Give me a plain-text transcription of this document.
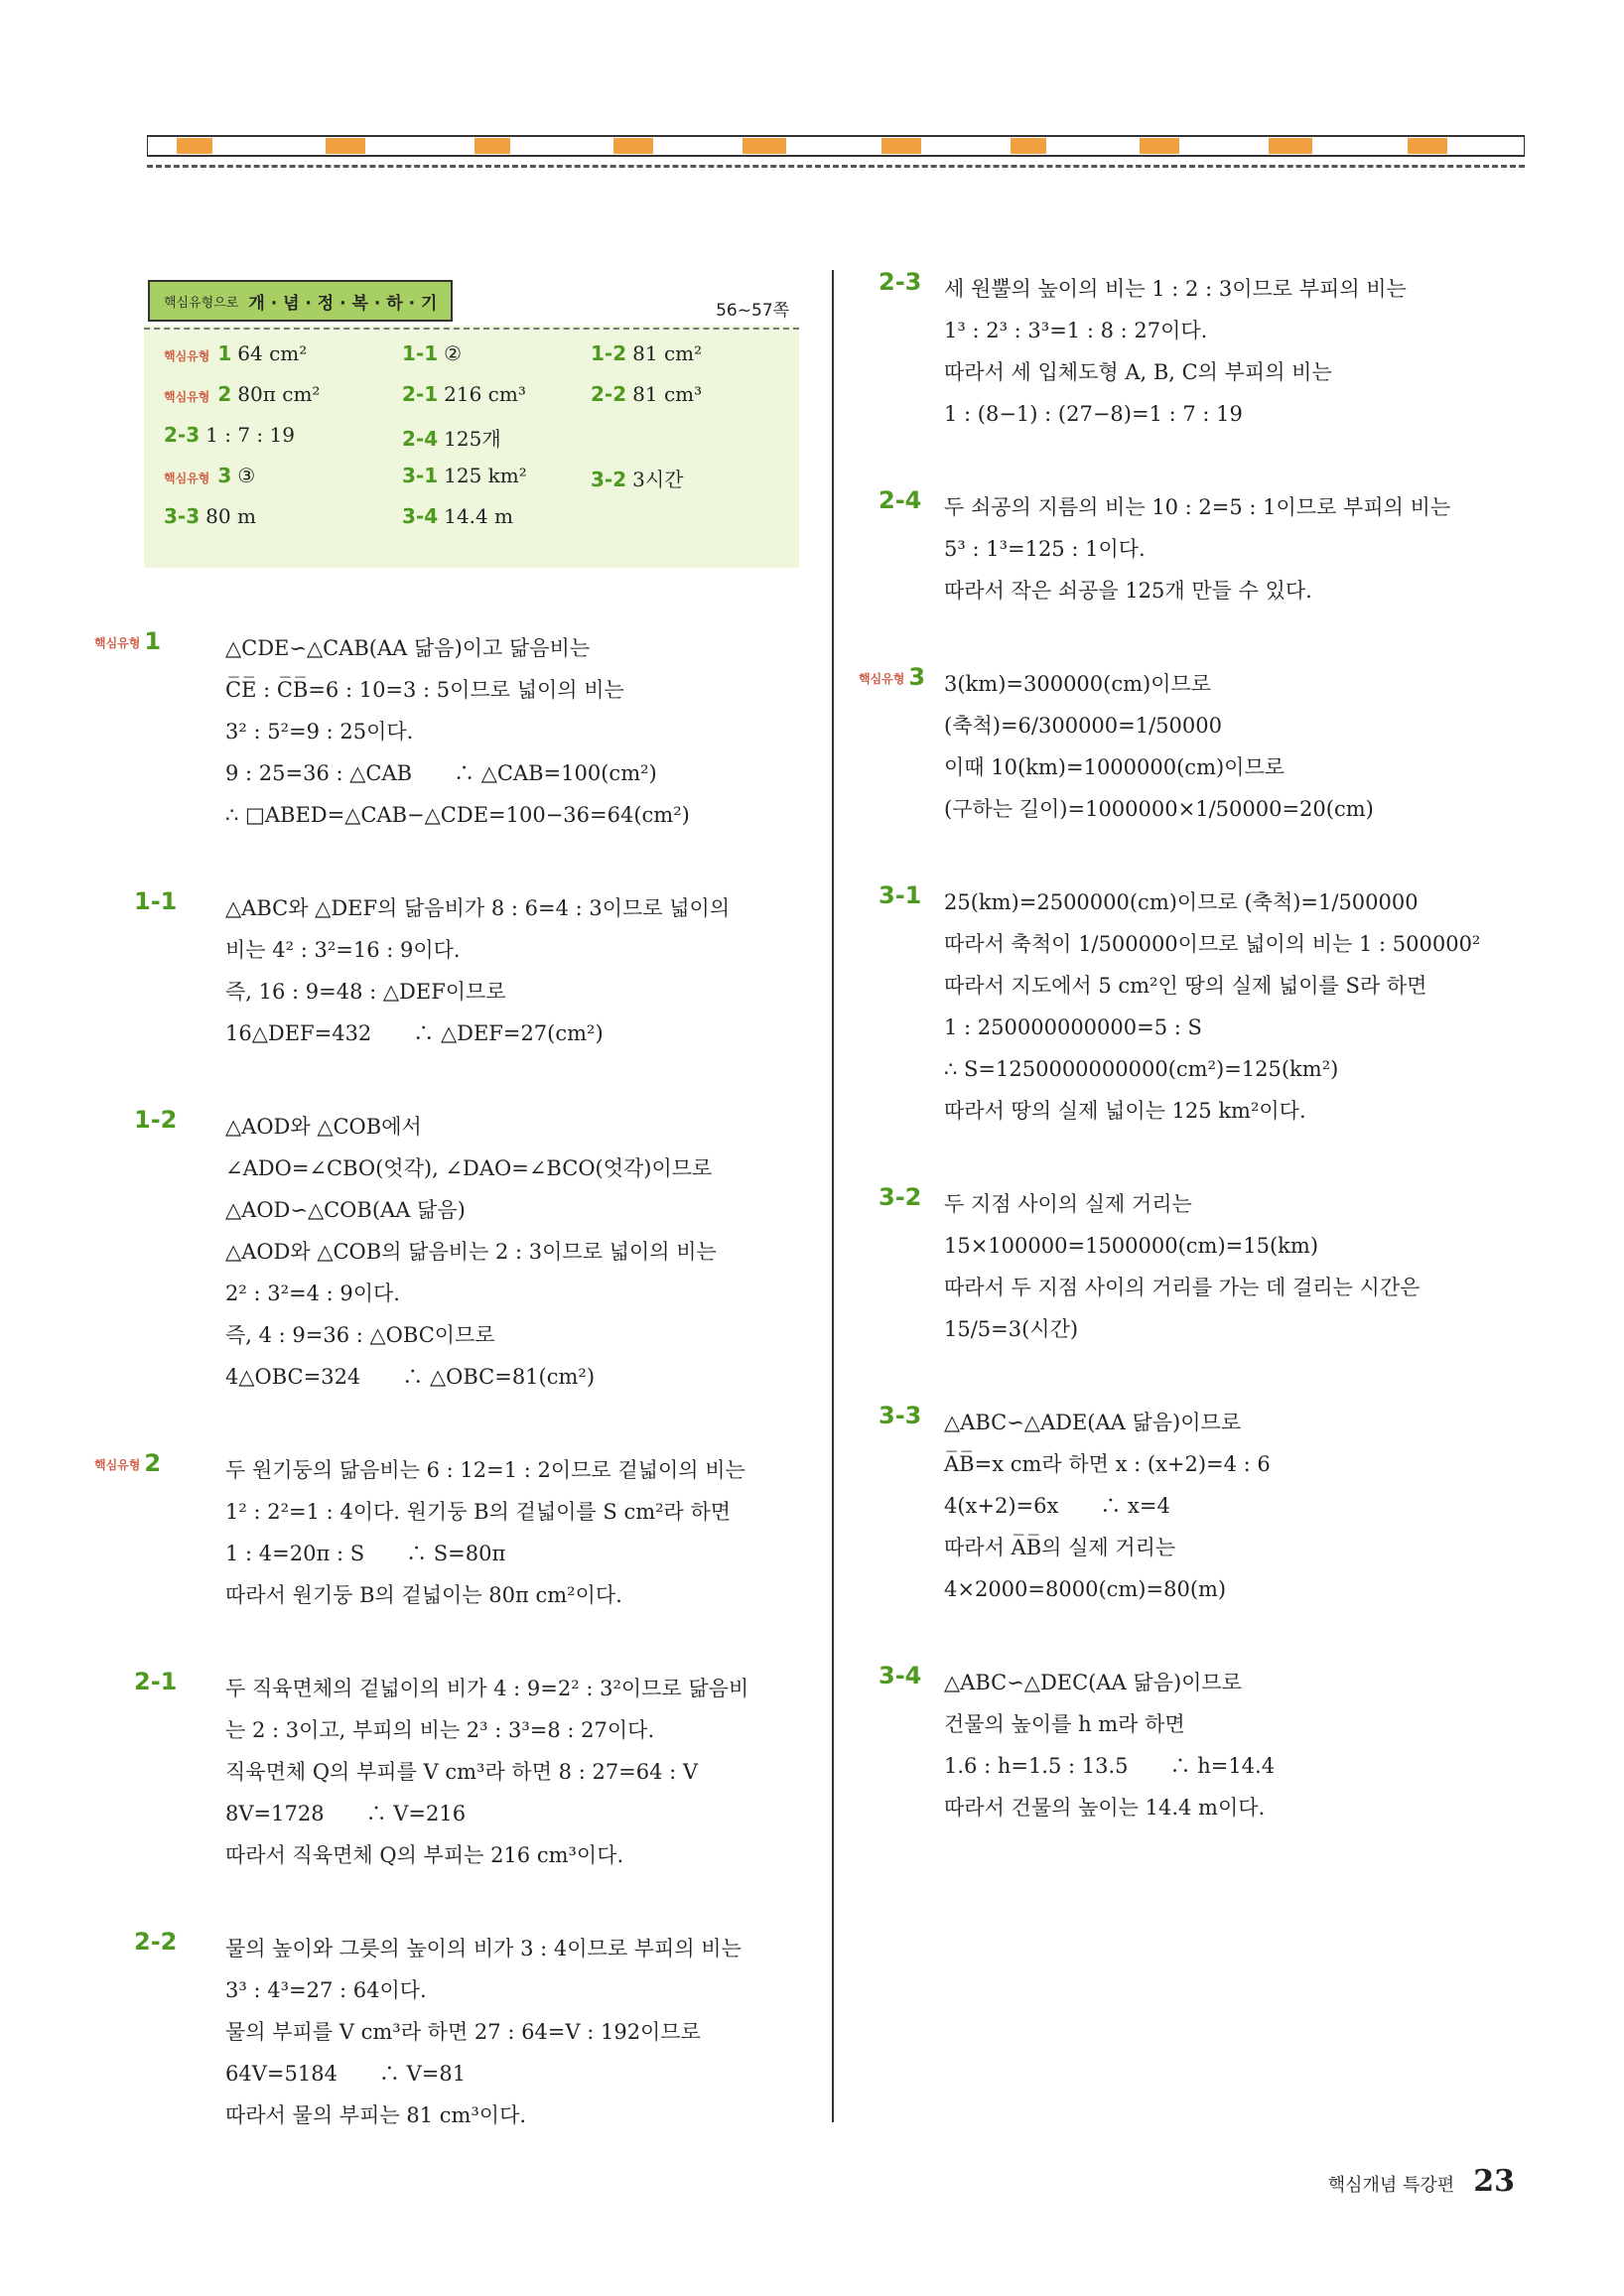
핵심유형으로 개 · 념 · 정 · 복 · 하 · 기	56~57쪽
핵심유형 1 64 cm²	1-1 ②	1-2 81 cm²
핵심유형 2 80π cm²	2-1 216 cm³	2-2 81 cm³
2-3 1 : 7 : 19	2-4 125개
핵심유형 3 ③	3-1 125 km²	3-2 3시간
3-3 80 m	3-4 14.4 m
핵심유형 1	△CDE∽△CAB(AA 닮음)이고 닮음비는
C̅E̅ : C̅B̅=6 : 10=3 : 5이므로 넓이의 비는
3² : 5²=9 : 25이다.
9 : 25=36 : △CAB　　∴ △CAB=100(cm²)
∴ □ABED=△CAB−△CDE=100−36=64(cm²)
1-1	△ABC와 △DEF의 닮음비가 8 : 6=4 : 3이므로 넓이의
비는 4² : 3²=16 : 9이다.
즉, 16 : 9=48 : △DEF이므로
16△DEF=432　　∴ △DEF=27(cm²)
1-2	△AOD와 △COB에서
∠ADO=∠CBO(엇각), ∠DAO=∠BCO(엇각)이므로
△AOD∽△COB(AA 닮음)
△AOD와 △COB의 닮음비는 2 : 3이므로 넓이의 비는
2² : 3²=4 : 9이다.
즉, 4 : 9=36 : △OBC이므로
4△OBC=324　　∴ △OBC=81(cm²)
핵심유형 2	두 원기둥의 닮음비는 6 : 12=1 : 2이므로 겉넓이의 비는
1² : 2²=1 : 4이다. 원기둥 B의 겉넓이를 S cm²라 하면
1 : 4=20π : S　　∴ S=80π
따라서 원기둥 B의 겉넓이는 80π cm²이다.
2-1	두 직육면체의 겉넓이의 비가 4 : 9=2² : 3²이므로 닮음비
는 2 : 3이고, 부피의 비는 2³ : 3³=8 : 27이다.
직육면체 Q의 부피를 V cm³라 하면 8 : 27=64 : V
8V=1728　　∴ V=216
따라서 직육면체 Q의 부피는 216 cm³이다.
2-2	물의 높이와 그릇의 높이의 비가 3 : 4이므로 부피의 비는
3³ : 4³=27 : 64이다.
물의 부피를 V cm³라 하면 27 : 64=V : 192이므로
64V=5184　　∴ V=81
따라서 물의 부피는 81 cm³이다.
2-3	세 원뿔의 높이의 비는 1 : 2 : 3이므로 부피의 비는
1³ : 2³ : 3³=1 : 8 : 27이다.
따라서 세 입체도형 A, B, C의 부피의 비는
1 : (8−1) : (27−8)=1 : 7 : 19
2-4	두 쇠공의 지름의 비는 10 : 2=5 : 1이므로 부피의 비는
5³ : 1³=125 : 1이다.
따라서 작은 쇠공을 125개 만들 수 있다.
핵심유형 3 3(km)=300000(cm)이므로
(축척)=6/300000=1/50000
이때 10(km)=1000000(cm)이므로
(구하는 길이)=1000000×1/50000=20(cm)
3-1	25(km)=2500000(cm)이므로 (축척)=1/500000
따라서 축척이 1/500000이므로 넓이의 비는 1 : 500000²
따라서 지도에서 5 cm²인 땅의 실제 넓이를 S라 하면
1 : 250000000000=5 : S
∴ S=1250000000000(cm²)=125(km²)
따라서 땅의 실제 넓이는 125 km²이다.
3-2	두 지점 사이의 실제 거리는
15×100000=1500000(cm)=15(km)
따라서 두 지점 사이의 거리를 가는 데 걸리는 시간은
15/5=3(시간)
3-3	△ABC∽△ADE(AA 닮음)이므로
A̅B̅=x cm라 하면 x : (x+2)=4 : 6
4(x+2)=6x　　∴ x=4
따라서 A̅B̅의 실제 거리는
4×2000=8000(cm)=80(m)
3-4	△ABC∽△DEC(AA 닮음)이므로
건물의 높이를 h m라 하면
1.6 : h=1.5 : 13.5　　∴ h=14.4
따라서 건물의 높이는 14.4 m이다.
핵심개념 특강편 23
